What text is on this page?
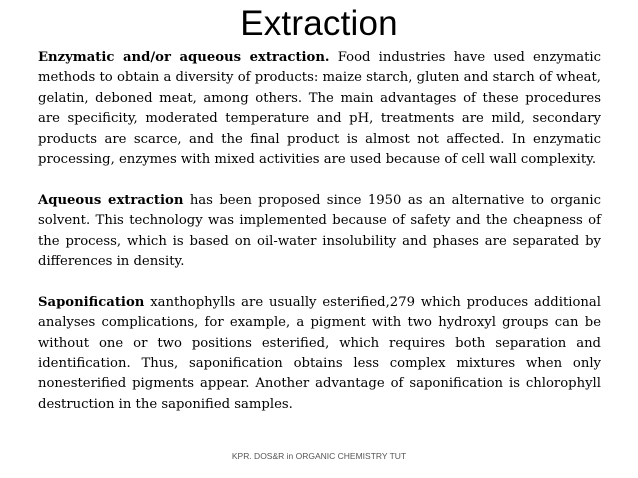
Extraction

Enzymatic and/or aqueous extraction. Food industries have used enzymatic methods to obtain a diversity of products: maize starch, gluten and starch of wheat, gelatin, deboned meat, among others. The main advantages of these procedures are specificity, moderated temperature and pH, treatments are mild, secondary products are scarce, and the final product is almost not affected. In enzymatic processing, enzymes with mixed activities are used because of cell wall complexity.

Aqueous extraction has been proposed since 1950 as an alternative to organic solvent. This technology was implemented because of safety and the cheapness of the process, which is based on oil-water insolubility and phases are separated by differences in density.

Saponification xanthophylls are usually esterified,279 which produces additional analyses complications, for example, a pigment with two hydroxyl groups can be without one or two positions esterified, which requires both separation and identification. Thus, saponification obtains less complex mixtures when only nonesterified pigments appear. Another advantage of saponification is chlorophyll destruction in the saponified samples.

KPR. DOS&R in ORGANIC CHEMISTRY TUT
